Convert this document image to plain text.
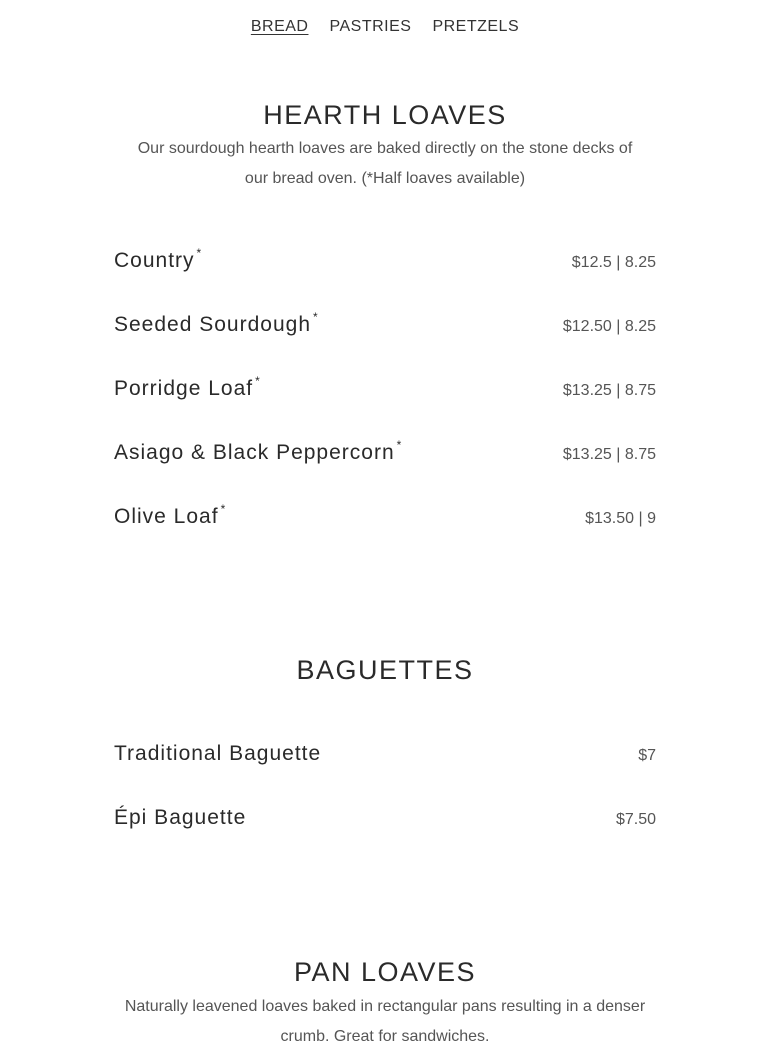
BREAD PASTRIES PRETZELS
HEARTH LOAVES

Our sourdough hearth loaves are baked directly on the stone decks of

our bread oven. (*Half loaves available)

Country *
$12.5 | 8.25
Seeded Sourdough *
$12.50 | 8.25
Porridge Loaf *
$13.25 | 8.75
Asiago & Black Peppercorn *
$13.25 | 8.75
Olive Loaf *
$13.50 | 9
BAGUETTES
Traditional Baguette	$7
Épi Baguette	$7.50
PAN LOAVES

Naturally leavened loaves baked in rectangular pans resulting in a denser

crumb. Great for sandwiches.
